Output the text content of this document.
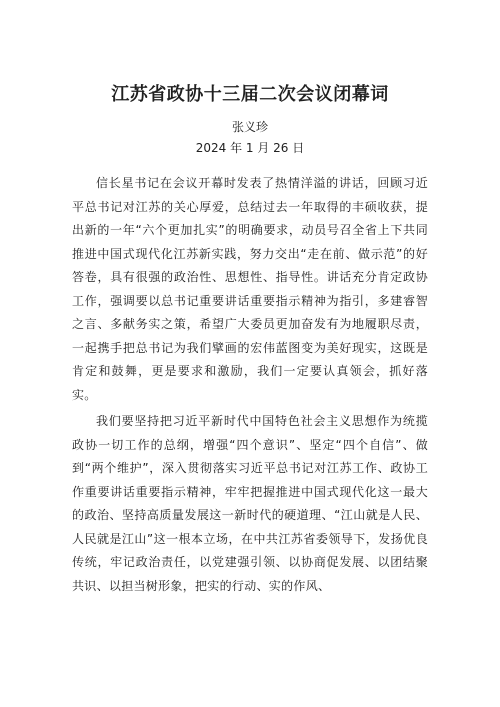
江苏省政协十三届二次会议闭幕词
张义珍
2024 年 1 月 26 日

信长星书记在会议开幕时发表了热情洋溢的讲话，回顾习近平总书记对江苏的关心厚爱，总结过去一年取得的丰硕收获，提出新的一年“六个更加扎实”的明确要求，动员号召全省上下共同推进中国式现代化江苏新实践，努力交出“走在前、做示范”的好答卷，具有很强的政治性、思想性、指导性。讲话充分肯定政协工作，强调要以总书记重要讲话重要指示精神为指引，多建睿智之言、多献务实之策，希望广大委员更加奋发有为地履职尽责，一起携手把总书记为我们擘画的宏伟蓝图变为美好现实，这既是肯定和鼓舞，更是要求和激励，我们一定要认真领会，抓好落实。

我们要坚持把习近平新时代中国特色社会主义思想作为统揽政协一切工作的总纲，增强“四个意识”、坚定“四个自信”、做到“两个维护”，深入贯彻落实习近平总书记对江苏工作、政协工作重要讲话重要指示精神，牢牢把握推进中国式现代化这一最大的政治、坚持高质量发展这一新时代的硬道理、“江山就是人民、人民就是江山”这一根本立场，在中共江苏省委领导下，发扬优良传统，牢记政治责任，以党建强引领、以协商促发展、以团结聚共识、以担当树形象，把实的行动、实的作风、
